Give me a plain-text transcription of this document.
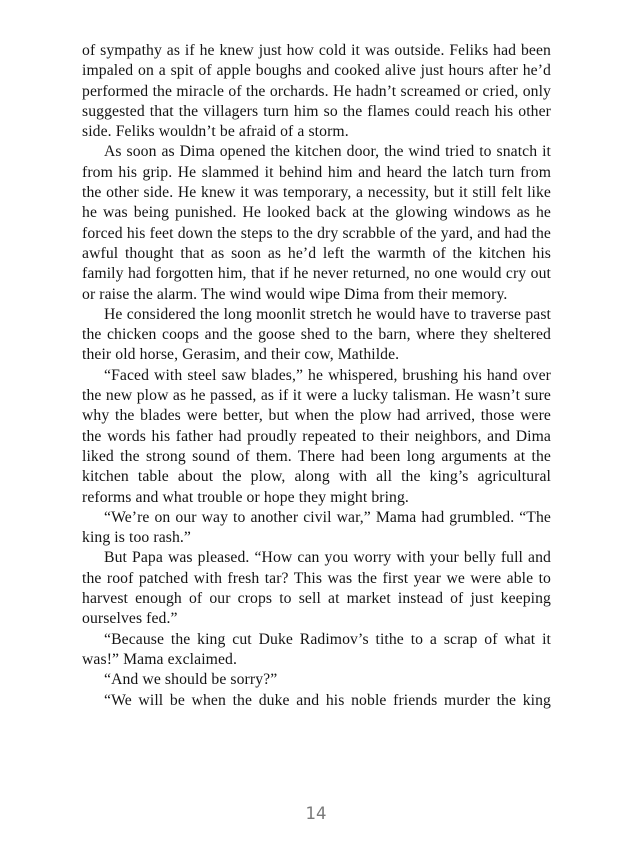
of sympathy as if he knew just how cold it was outside. Feliks had been impaled on a spit of apple boughs and cooked alive just hours after he’d performed the miracle of the orchards. He hadn’t screamed or cried, only suggested that the villagers turn him so the flames could reach his other side. Feliks wouldn’t be afraid of a storm.

As soon as Dima opened the kitchen door, the wind tried to snatch it from his grip. He slammed it behind him and heard the latch turn from the other side. He knew it was temporary, a necessity, but it still felt like he was being punished. He looked back at the glowing windows as he forced his feet down the steps to the dry scrabble of the yard, and had the awful thought that as soon as he’d left the warmth of the kitchen his family had forgotten him, that if he never returned, no one would cry out or raise the alarm. The wind would wipe Dima from their memory.

He considered the long moonlit stretch he would have to traverse past the chicken coops and the goose shed to the barn, where they sheltered their old horse, Gerasim, and their cow, Mathilde.

“Faced with steel saw blades,” he whispered, brushing his hand over the new plow as he passed, as if it were a lucky talisman. He wasn’t sure why the blades were better, but when the plow had arrived, those were the words his father had proudly repeated to their neighbors, and Dima liked the strong sound of them. There had been long arguments at the kitchen table about the plow, along with all the king’s agricultural reforms and what trouble or hope they might bring.

“We’re on our way to another civil war,” Mama had grumbled. “The king is too rash.”

But Papa was pleased. “How can you worry with your belly full and the roof patched with fresh tar? This was the first year we were able to harvest enough of our crops to sell at market instead of just keeping ourselves fed.”

“Because the king cut Duke Radimov’s tithe to a scrap of what it was!” Mama exclaimed.

“And we should be sorry?”

“We will be when the duke and his noble friends murder the king

14
